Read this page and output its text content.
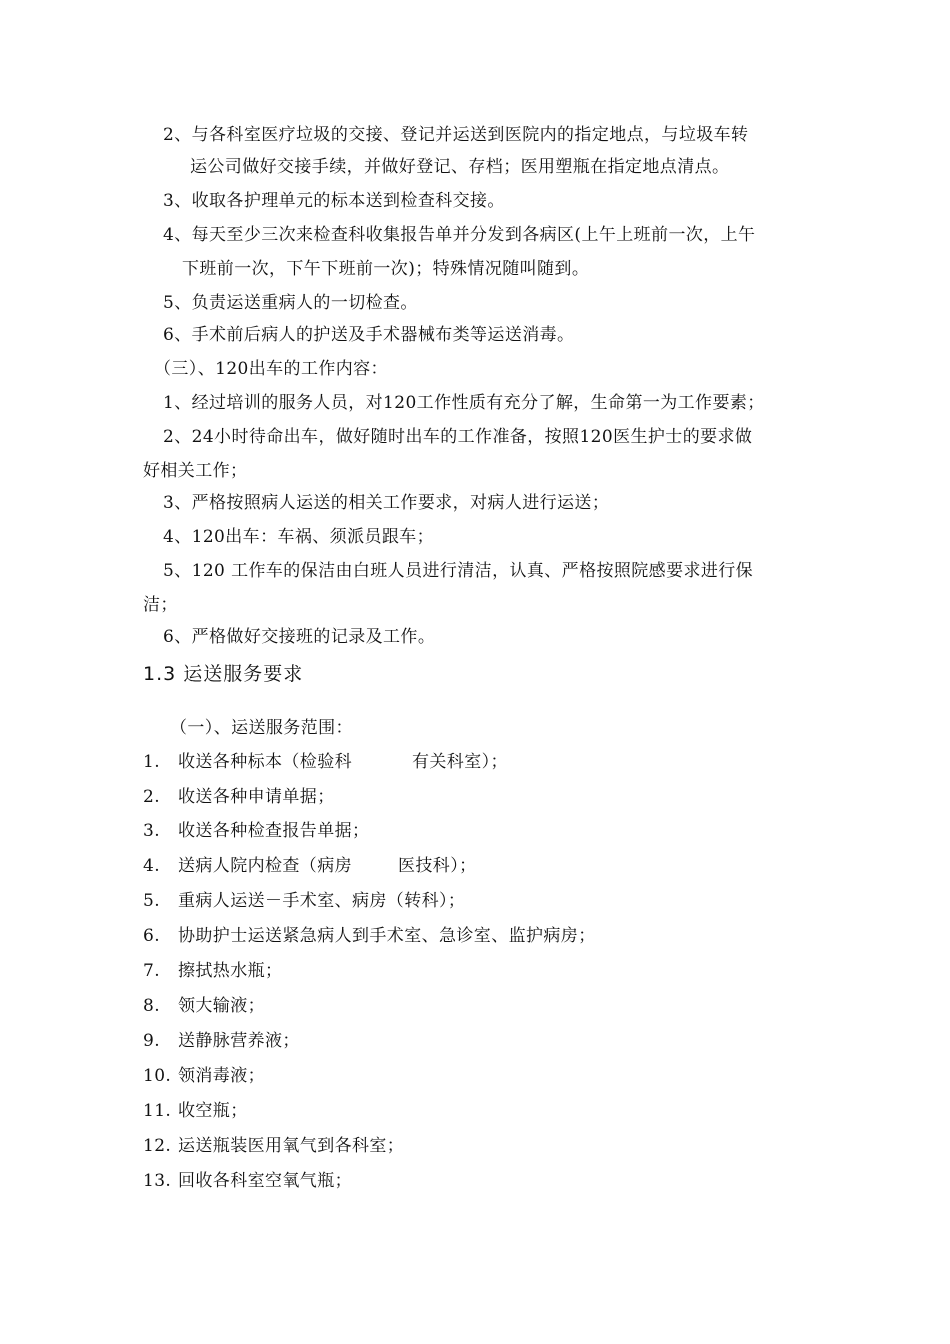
2、与各科室医疗垃圾的交接、登记并运送到医院内的指定地点，与垃圾车转
运公司做好交接手续，并做好登记、存档；医用塑瓶在指定地点清点。
3、收取各护理单元的标本送到检查科交接。
4、每天至少三次来检查科收集报告单并分发到各病区(上午上班前一次，上午
下班前一次，下午下班前一次)；特殊情况随叫随到。
5、负责运送重病人的一切检查。
6、手术前后病人的护送及手术器械布类等运送消毒。
（三）、120出车的工作内容：
1、经过培训的服务人员，对120工作性质有充分了解，生命第一为工作要素；
2、24小时待命出车，做好随时出车的工作准备，按照120医生护士的要求做
好相关工作；
3、严格按照病人运送的相关工作要求，对病人进行运送；
4、120出车：车祸、须派员跟车；
5、120 工作车的保洁由白班人员进行清洁，认真、严格按照院感要求进行保
洁；
6、严格做好交接班的记录及工作。
1.3 运送服务要求
（一）、运送服务范围：
1. 收送各种标本（检验科	有关科室）；
2. 收送各种申请单据；
3. 收送各种检查报告单据；
4. 送病人院内检查（病房	医技科）；
5. 重病人运送－手术室、病房（转科）；
6. 协助护士运送紧急病人到手术室、急诊室、监护病房；
7. 擦拭热水瓶；
8. 领大输液；
9. 送静脉营养液；
10. 领消毒液；
11. 收空瓶；
12. 运送瓶装医用氧气到各科室；
13. 回收各科室空氧气瓶；
